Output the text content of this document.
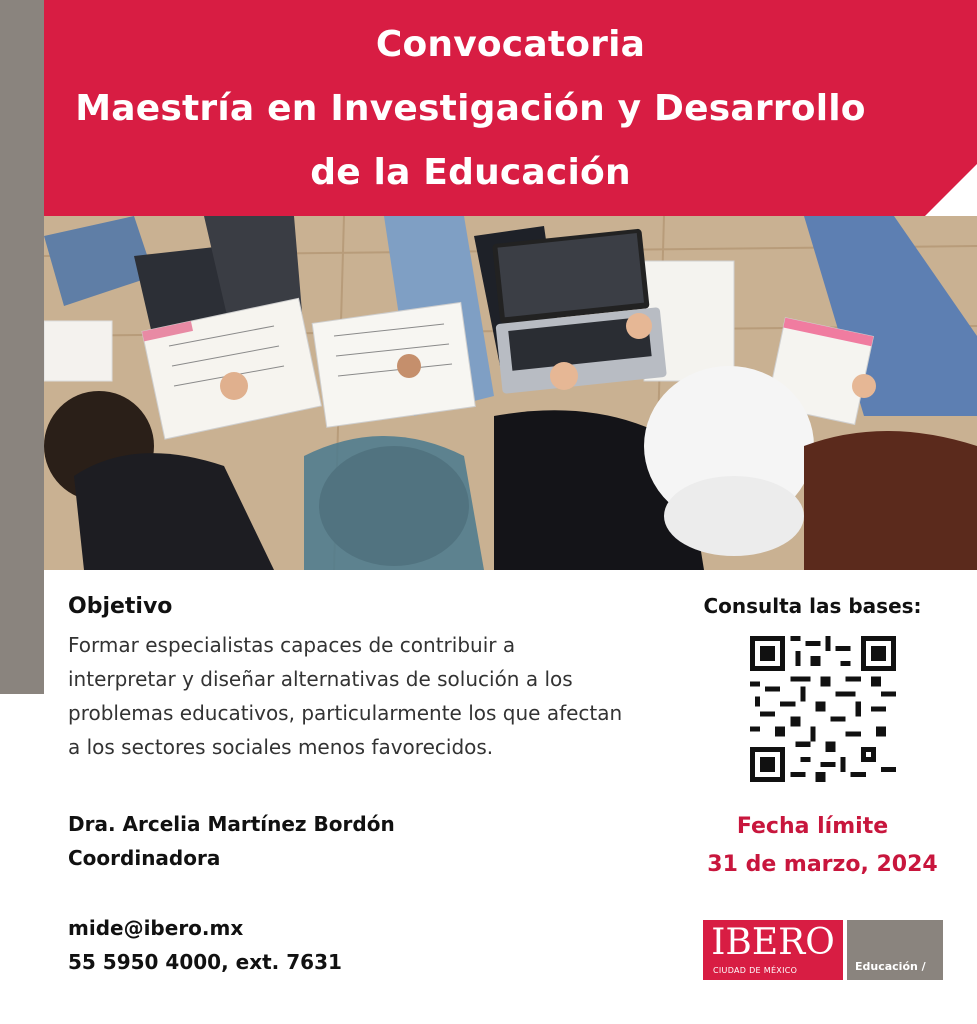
Convocatoria
Maestría en Investigación y Desarrollo
de la Educación
Objetivo
Formar especialistas capaces de contribuir a interpretar y diseñar alternativas de solución a los problemas educativos, particularmente los que afectan a los sectores sociales menos favorecidos.
Dra. Arcelia Martínez Bordón
Coordinadora
mide@ibero.mx
55 5950 4000, ext. 7631
Consulta las bases:
Fecha límite
31 de marzo, 2024
IBERO
CIUDAD DE MÉXICO	Educación /
